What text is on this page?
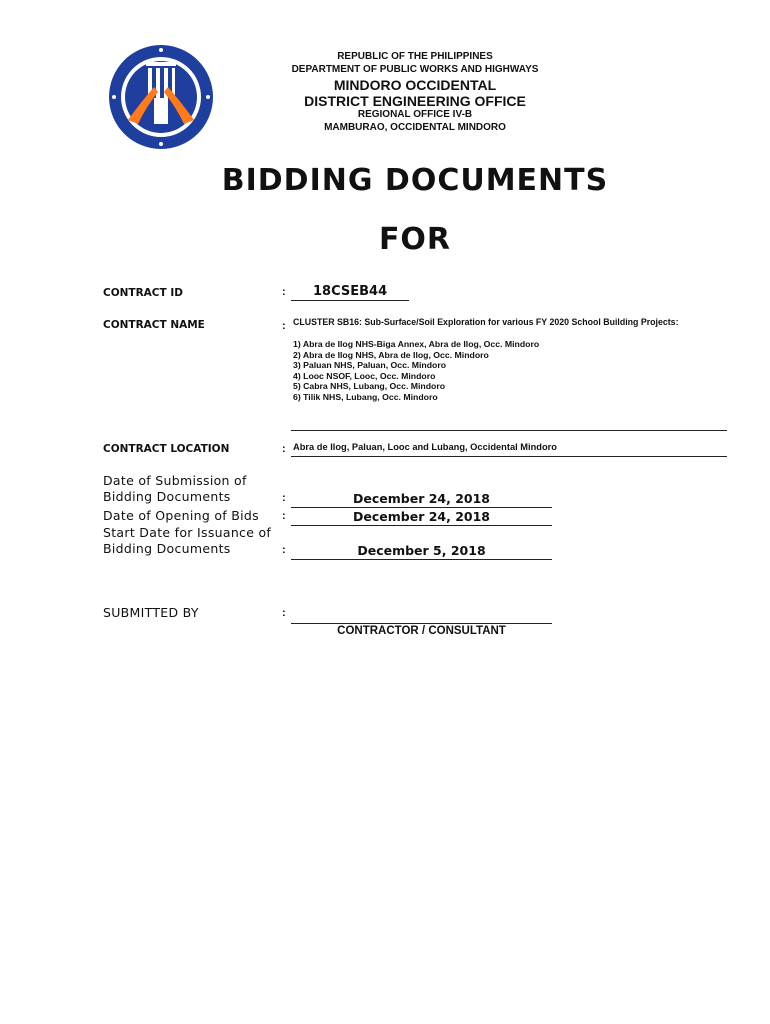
REPUBLIC OF THE PHILIPPINES
DEPARTMENT OF PUBLIC WORKS AND HIGHWAYS
MINDORO OCCIDENTAL
DISTRICT ENGINEERING OFFICE
REGIONAL OFFICE IV-B
MAMBURAO, OCCIDENTAL MINDORO
BIDDING DOCUMENTS
FOR
CONTRACT ID	: 18CSEB44
CONTRACT NAME	: CLUSTER SB16: Sub-Surface/Soil Exploration for various FY 2020 School Building Projects:
1) Abra de Ilog NHS-Biga Annex, Abra de Ilog, Occ. Mindoro
2) Abra de Ilog NHS, Abra de Ilog, Occ. Mindoro
3) Paluan NHS, Paluan, Occ. Mindoro
4) Looc NSOF, Looc, Occ. Mindoro
5) Cabra NHS, Lubang, Occ. Mindoro
6) Tilik NHS, Lubang, Occ. Mindoro
CONTRACT LOCATION	: Abra de Ilog, Paluan, Looc and Lubang, Occidental Mindoro
Date of Submission of
Bidding Documents	:	December 24, 2018
Date of Opening of Bids :	December 24, 2018
Start Date for Issuance of
Bidding Documents	:	December 5, 2018
SUBMITTED BY	:
CONTRACTOR / CONSULTANT
